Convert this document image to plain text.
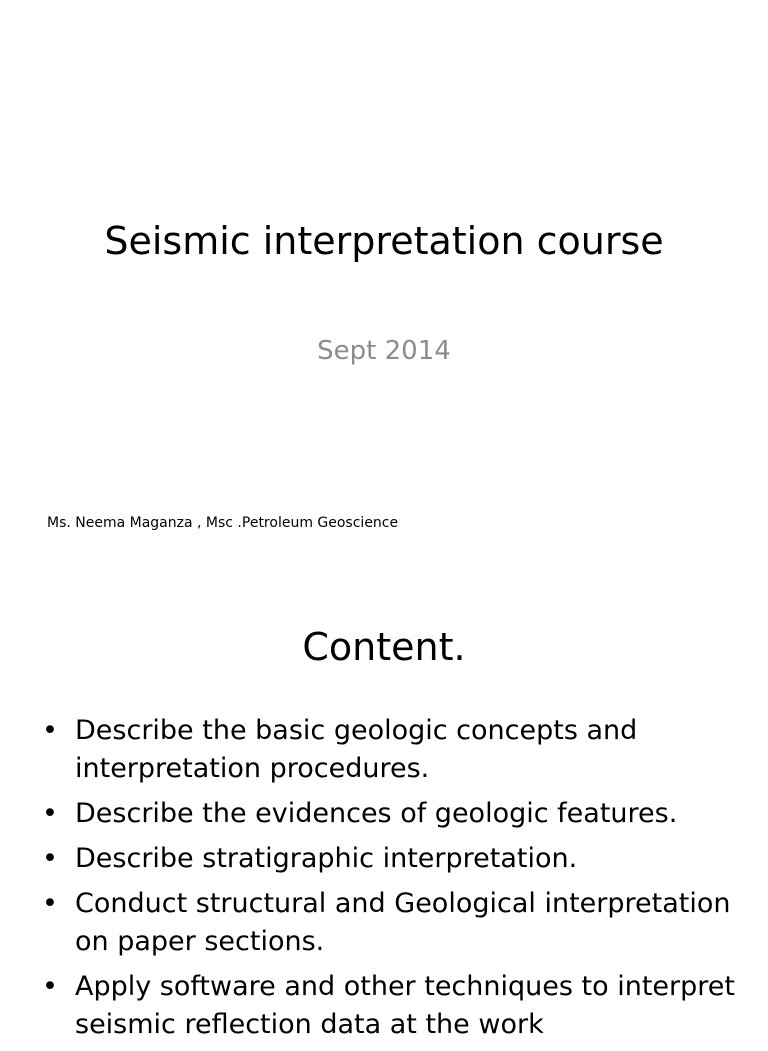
Seismic interpretation course
Sept 2014
Ms. Neema Maganza , Msc .Petroleum Geoscience
Content.
• Describe the basic geologic concepts and interpretation procedures.
• Describe the evidences of geologic features.
• Describe stratigraphic interpretation.
• Conduct structural and Geological interpretation on paper sections.
• Apply software and other techniques to interpret seismic reflection data at the work
